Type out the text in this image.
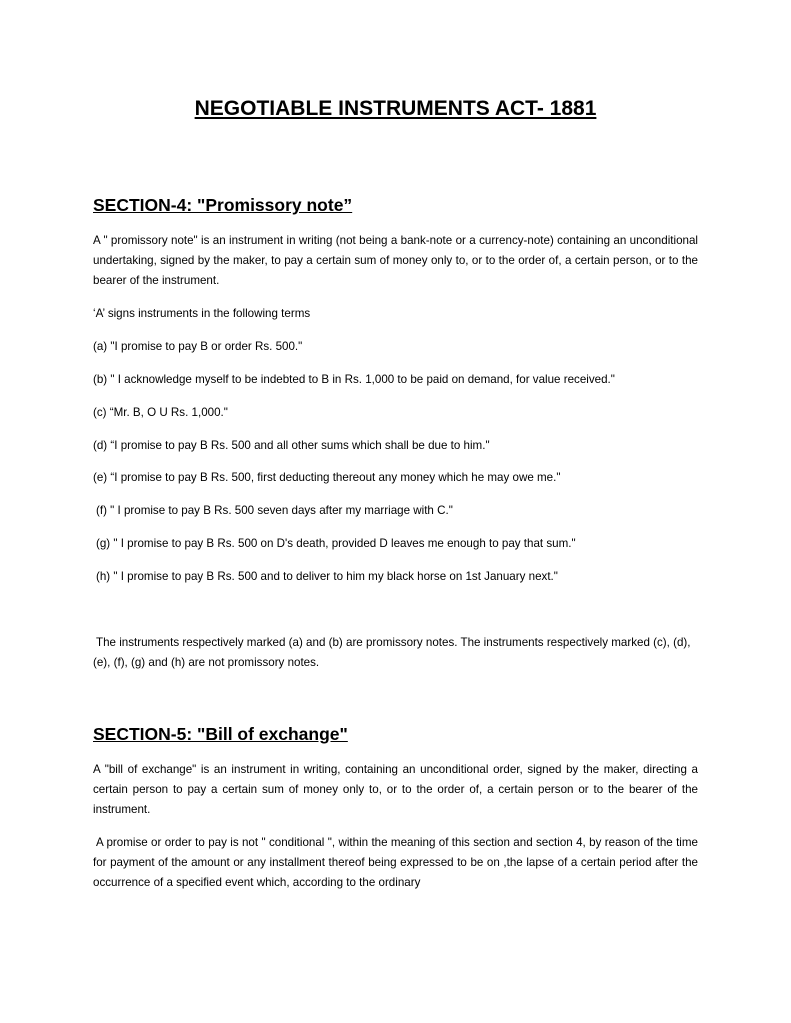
NEGOTIABLE INSTRUMENTS ACT- 1881
SECTION-4: "Promissory note”

A " promissory note" is an instrument in writing (not being a bank-note or a currency-note) containing an unconditional undertaking, signed by the maker, to pay a certain sum of money only to, or to the order of, a certain person, or to the bearer of the instrument.

‘A’ signs instruments in the following terms

(a) "I promise to pay B or order Rs. 500."

(b) " I acknowledge myself to be indebted to B in Rs. 1,000 to be paid on demand, for value received."

(c) “Mr. B, O U Rs. 1,000."

(d) “I promise to pay B Rs. 500 and all other sums which shall be due to him."

(e) “I promise to pay B Rs. 500, first deducting thereout any money which he may owe me."

(f) " I promise to pay B Rs. 500 seven days after my marriage with C."

(g) " I promise to pay B Rs. 500 on D's death, provided D leaves me enough to pay that sum."

(h) " I promise to pay B Rs. 500 and to deliver to him my black horse on 1st January next."

The instruments respectively marked (a) and (b) are promissory notes. The instruments respectively marked (c), (d), (e), (f), (g) and (h) are not promissory notes.

SECTION-5: "Bill of exchange"

A "bill of exchange" is an instrument in writing, containing an unconditional order, signed by the maker, directing a certain person to pay a certain sum of money only to, or to the order of, a certain person or to the bearer of the instrument.

A promise or order to pay is not " conditional ", within the meaning of this section and section 4, by reason of the time for payment of the amount or any installment thereof being expressed to be on ,the lapse of a certain period after the occurrence of a specified event which, according to the ordinary
